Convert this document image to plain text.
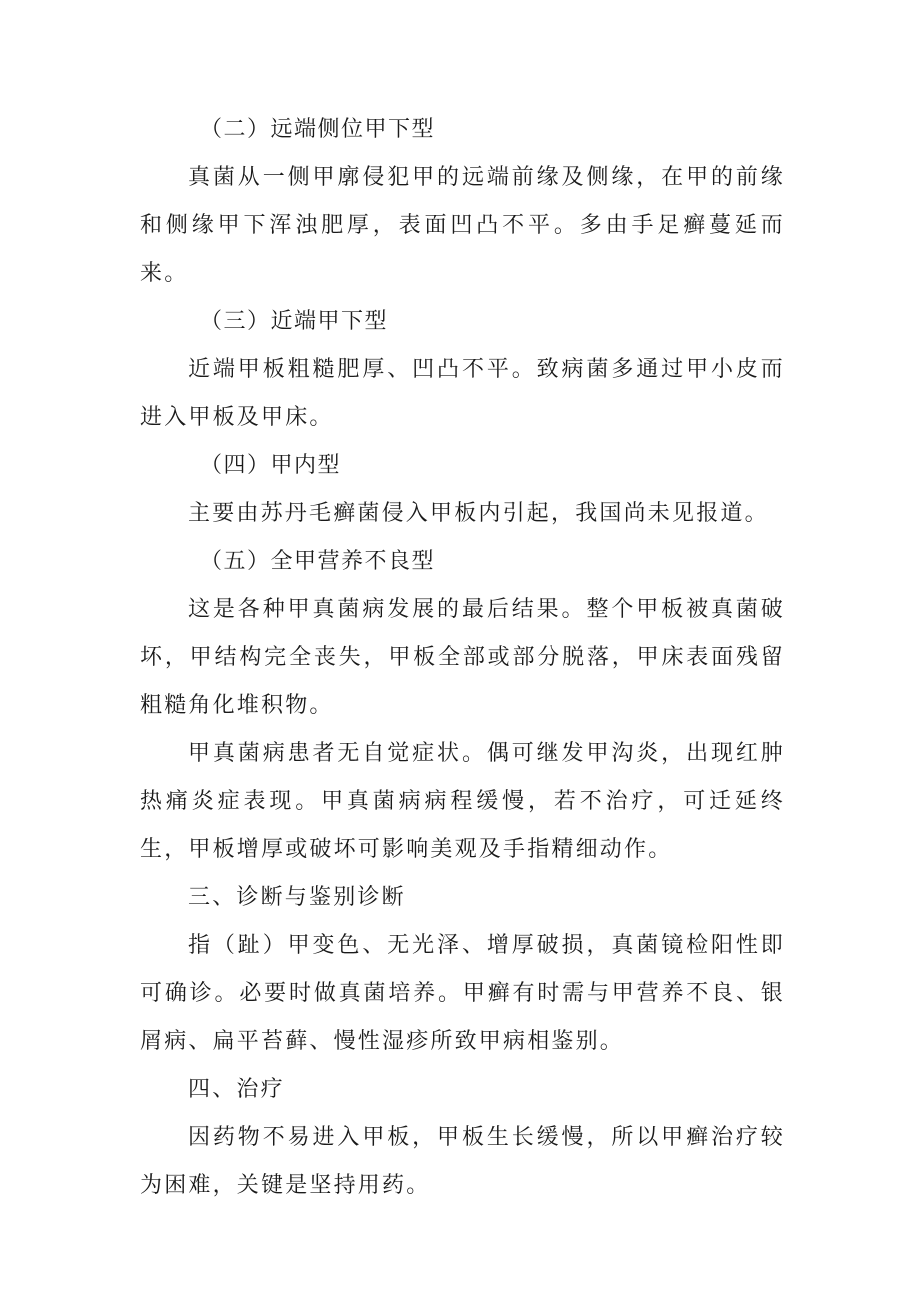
（二）远端侧位甲下型

真菌从一侧甲廓侵犯甲的远端前缘及侧缘，在甲的前缘和侧缘甲下浑浊肥厚，表面凹凸不平。多由手足癣蔓延而来。

（三）近端甲下型

近端甲板粗糙肥厚、凹凸不平。致病菌多通过甲小皮而进入甲板及甲床。

（四）甲内型

主要由苏丹毛癣菌侵入甲板内引起，我国尚未见报道。

（五）全甲营养不良型

这是各种甲真菌病发展的最后结果。整个甲板被真菌破坏，甲结构完全丧失，甲板全部或部分脱落，甲床表面残留粗糙角化堆积物。

甲真菌病患者无自觉症状。偶可继发甲沟炎，出现红肿热痛炎症表现。甲真菌病病程缓慢，若不治疗，可迁延终生，甲板增厚或破坏可影响美观及手指精细动作。

三、诊断与鉴别诊断

指（趾）甲变色、无光泽、增厚破损，真菌镜检阳性即可确诊。必要时做真菌培养。甲癣有时需与甲营养不良、银屑病、扁平苔藓、慢性湿疹所致甲病相鉴别。

四、治疗

因药物不易进入甲板，甲板生长缓慢，所以甲癣治疗较为困难，关键是坚持用药。
